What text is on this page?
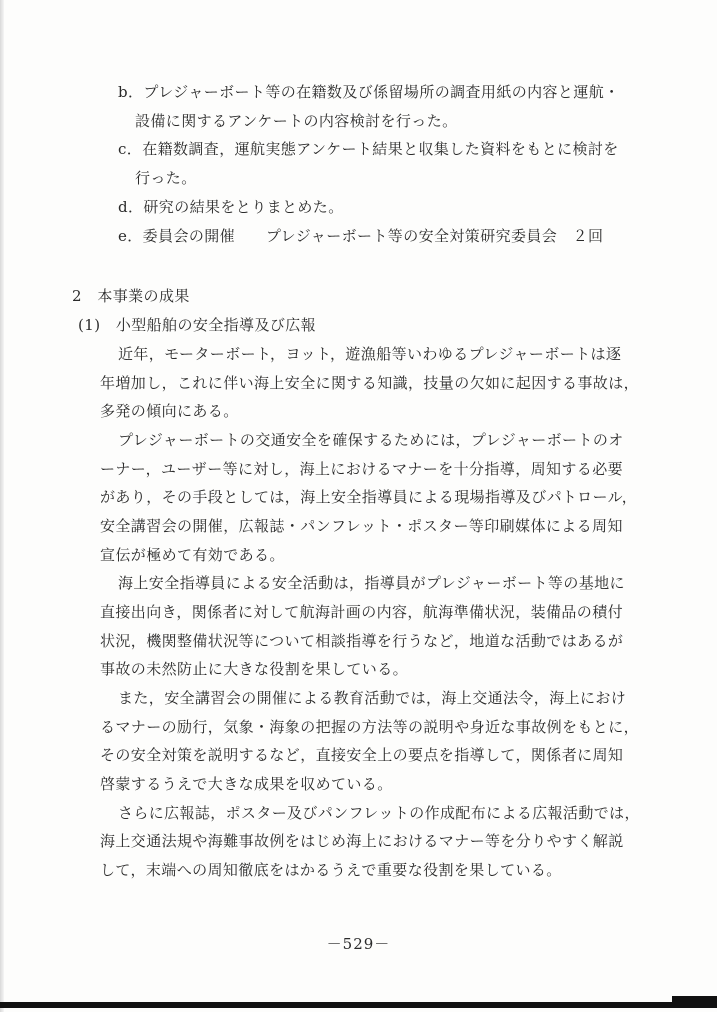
b．プレジャーボート等の在籍数及び係留場所の調査用紙の内容と運航・
設備に関するアンケートの内容検討を行った。
c．在籍数調査，運航実態アンケート結果と収集した資料をもとに検討を
行った。
d．研究の結果をとりまとめた。
e．委員会の開催　　プレジャーボート等の安全対策研究委員会　２回
2　本事業の成果
(1)　小型船舶の安全指導及び広報
近年，モーターボート，ヨット，遊漁船等いわゆるプレジャーボートは逐
年増加し，これに伴い海上安全に関する知識，技量の欠如に起因する事故は，
多発の傾向にある。
プレジャーボートの交通安全を確保するためには，プレジャーボートのオ
ーナー，ユーザー等に対し，海上におけるマナーを十分指導，周知する必要
があり，その手段としては，海上安全指導員による現場指導及びパトロール，
安全講習会の開催，広報誌・パンフレット・ポスター等印刷媒体による周知
宣伝が極めて有効である。
海上安全指導員による安全活動は，指導員がプレジャーボート等の基地に
直接出向き，関係者に対して航海計画の内容，航海準備状況，装備品の積付
状況，機関整備状況等について相談指導を行うなど，地道な活動ではあるが
事故の未然防止に大きな役割を果している。
また，安全講習会の開催による教育活動では，海上交通法令，海上におけ
るマナーの励行，気象・海象の把握の方法等の説明や身近な事故例をもとに，
その安全対策を説明するなど，直接安全上の要点を指導して，関係者に周知
啓蒙するうえで大きな成果を収めている。
さらに広報誌，ポスター及びパンフレットの作成配布による広報活動では，
海上交通法規や海難事故例をはじめ海上におけるマナー等を分りやすく解説
して，末端への周知徹底をはかるうえで重要な役割を果している。
－529－
